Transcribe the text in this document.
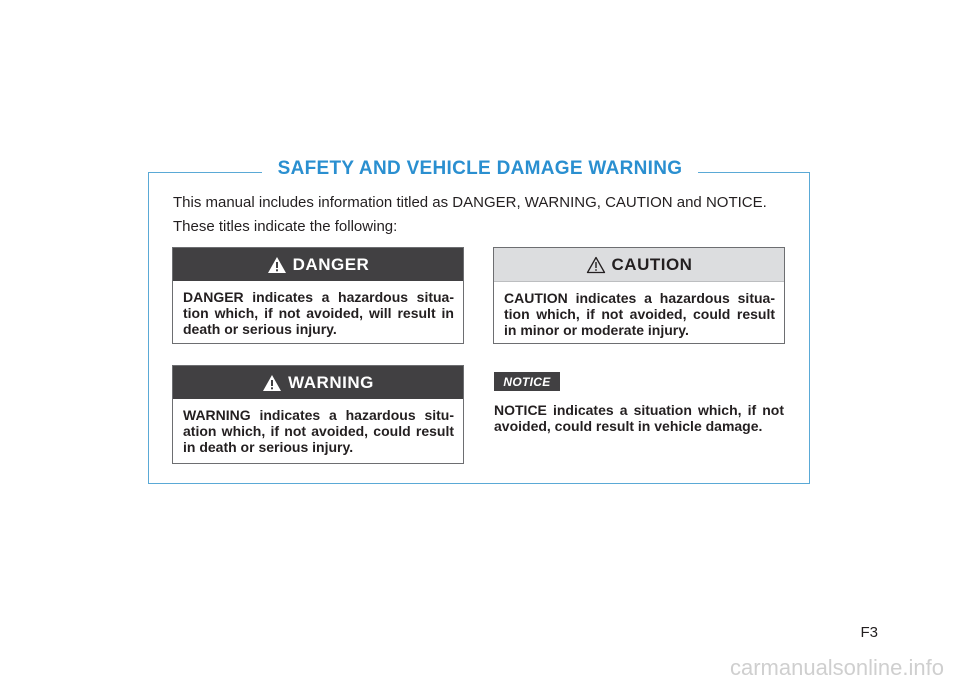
SAFETY AND VEHICLE DAMAGE WARNING
This manual includes information titled as DANGER, WARNING, CAUTION and NOTICE.
These titles indicate the following:
DANGER
DANGER indicates a hazardous situa-tion which, if not avoided, will result in death or serious injury.
CAUTION
CAUTION indicates a hazardous situa-tion which, if not avoided, could result in minor or moderate injury.
WARNING
WARNING indicates a hazardous situ-ation which, if not avoided, could result in death or serious injury.
NOTICE
NOTICE indicates a situation which, if not avoided, could result in vehicle damage.
F3
carmanualsonline.info
